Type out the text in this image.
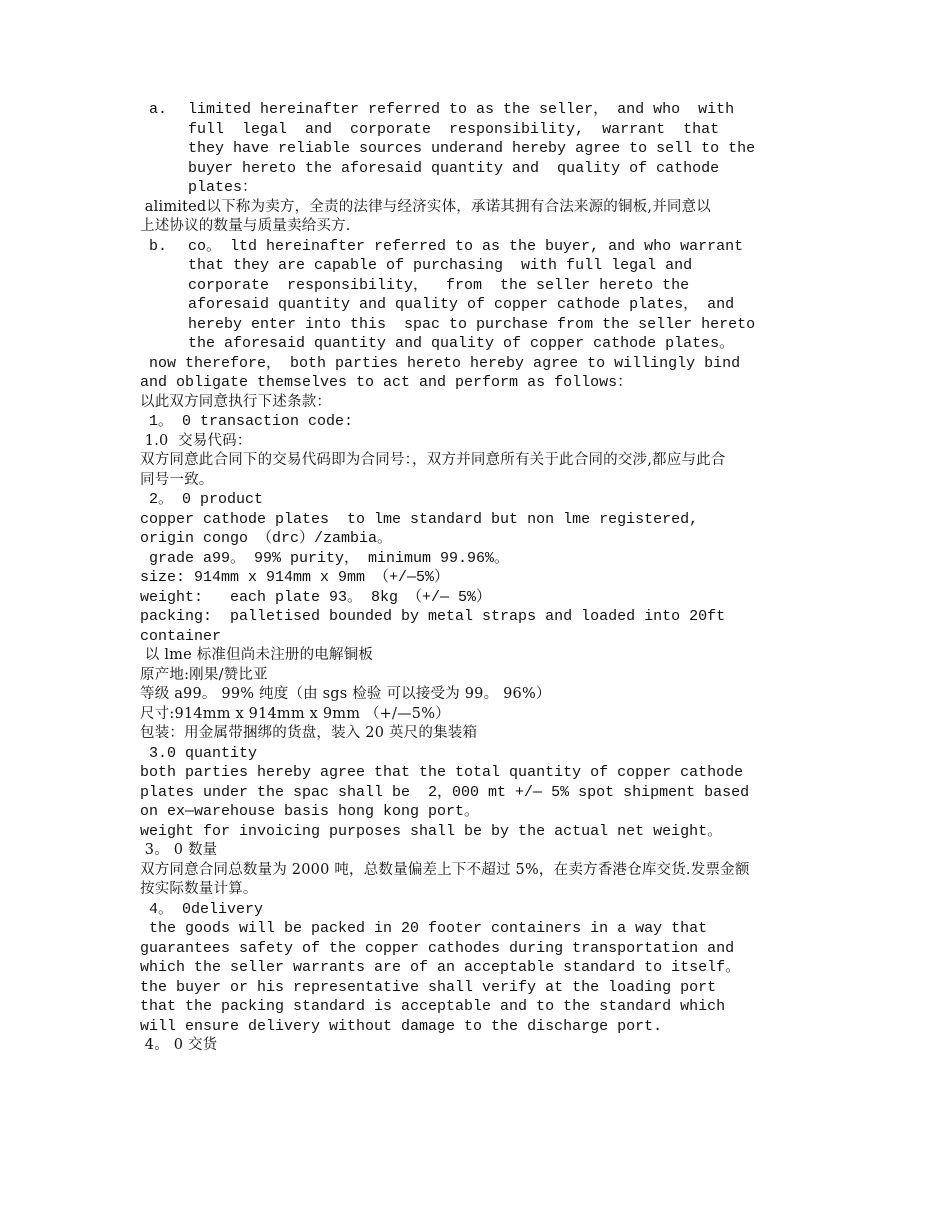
a.	limited hereinafter referred to as the seller， and who  with

full  legal  and  corporate  responsibility,  warrant  that

they have reliable sources underand hereby agree to sell to the

buyer hereto the aforesaid quantity and  quality of cathode

plates：

alimited以下称为卖方，全责的法律与经济实体，承诺其拥有合法来源的铜板,并同意以

上述协议的数量与质量卖给买方.

b.	co。 ltd hereinafter referred to as the buyer, and who warrant

that they are capable of purchasing  with full legal and

corporate  responsibility，  from  the seller hereto the

aforesaid quantity and quality of copper cathode plates， and

hereby enter into this  spac to purchase from the seller hereto

the aforesaid quantity and quality of copper cathode plates。

now therefore， both parties hereto hereby agree to willingly bind

and obligate themselves to act and perform as follows：

以此双方同意执行下述条款：

1。 0 transaction code:

1.0  交易代码：

双方同意此合同下的交易代码即为合同号：，双方并同意所有关于此合同的交涉,都应与此合

同号一致。

2。 0 product

copper cathode plates  to lme standard but non lme registered,

origin congo （drc）/zambia。

grade a99。 99% purity， minimum 99.96%。

size: 914mm x 914mm x 9mm （+/—5%）

weight:   each plate 93。 8kg （+/— 5%）

packing:  palletised bounded by metal straps and loaded into 20ft

container

以 lme 标准但尚未注册的电解铜板

原产地:刚果/赞比亚

等级 a99。 99% 纯度（由 sgs 检验 可以接受为 99。 96%）

尺寸:914mm x 914mm x 9mm （+/—5%）

包装：用金属带捆绑的货盘，装入 20 英尺的集装箱

3.0 quantity

both parties hereby agree that the total quantity of copper cathode

plates under the spac shall be  2，000 mt +/— 5% spot shipment based

on ex—warehouse basis hong kong port。

weight for invoicing purposes shall be by the actual net weight。

3。 0 数量

双方同意合同总数量为 2000 吨，总数量偏差上下不超过 5%，在卖方香港仓库交货.发票金额

按实际数量计算。

4。 0delivery

the goods will be packed in 20 footer containers in a way that

guarantees safety of the copper cathodes during transportation and

which the seller warrants are of an acceptable standard to itself。

the buyer or his representative shall verify at the loading port

that the packing standard is acceptable and to the standard which

will ensure delivery without damage to the discharge port.

4。 0 交货
